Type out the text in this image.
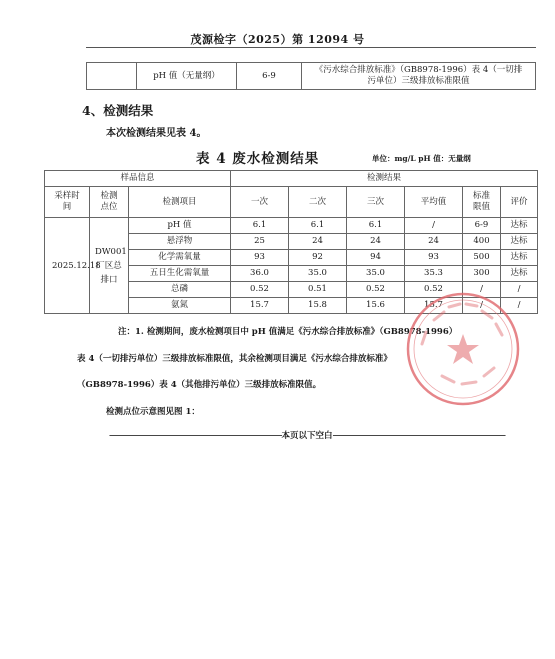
茂源检字（2025）第 12094 号
	pH 值（无量纲）	6-9	
《污水综合排放标准》（GB8978-1996）表 4（一切排
污单位）三级排放标准限值
4、检测结果
本次检测结果见表 4。
表 4 废水检测结果	单位：mg/L pH 值：无量纲
样品信息			检测结果					

采样时间	检测点位	检测项目	一次	二次	三次	平均值	标准限值	评价

2025.12.18	DW001 厂区总排口	pH 值	6.1	6.1	6.1	/	6-9	达标
		悬浮物	25	24	24	24	400	达标
		化学需氧量	93	92	94	93	500	达标
		五日生化需氧量	36.0	35.0	35.0	35.3	300	达标
		总磷	0.52	0.51	0.52	0.52	/	/
		氨氮	15.7	15.8	15.6	15.7	/	/
注：1. 检测期间，废水检测项目中 pH 值满足《污水综合排放标准》（GB8978-1996）
表 4（一切排污单位）三级排放标准限值，其余检测项目满足《污水综合排放标准》
（GB8978-1996）表 4（其他排污单位）三级排放标准限值。
检测点位示意图见图 1：
———————————————————————本页以下空白———————————————————————
